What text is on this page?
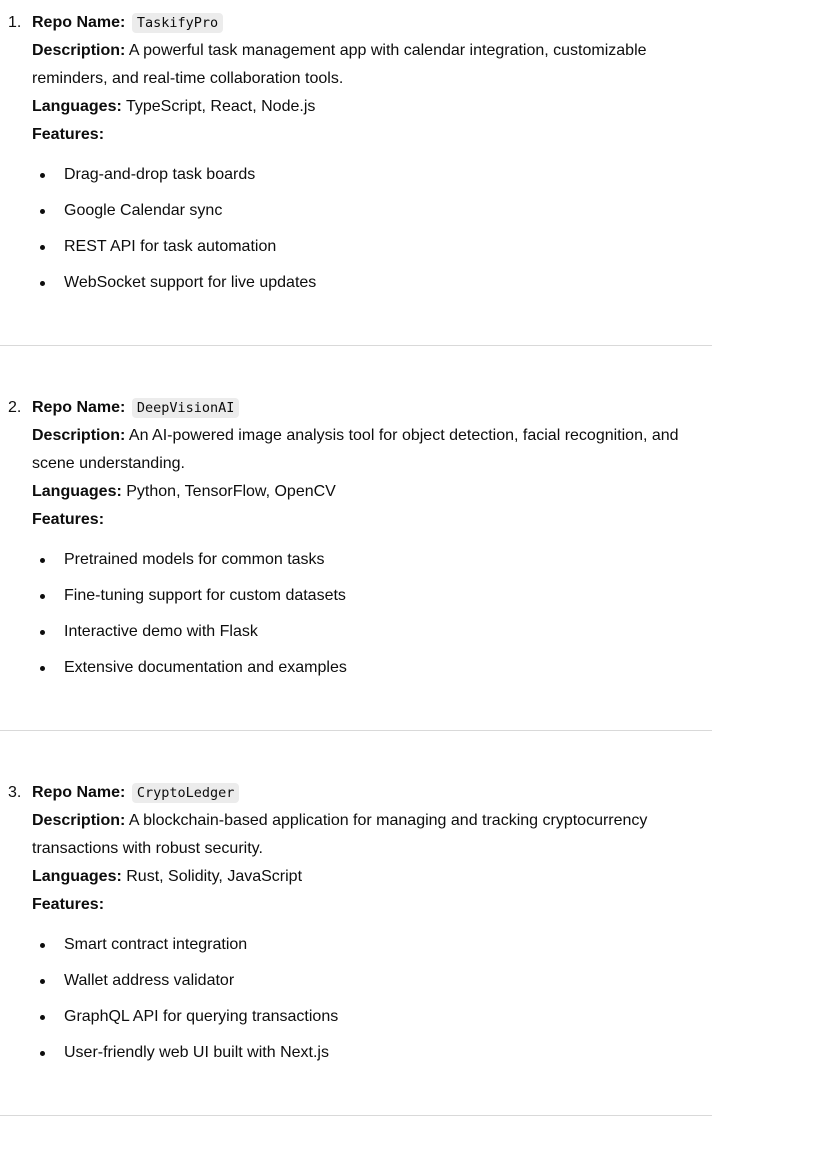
1. Repo Name: TaskifyPro
Description: A powerful task management app with calendar integration, customizable
reminders, and real-time collaboration tools.
Languages: TypeScript, React, Node.js
Features:
Drag-and-drop task boards
Google Calendar sync
REST API for task automation
WebSocket support for live updates
2. Repo Name: DeepVisionAI
Description: An AI-powered image analysis tool for object detection, facial recognition, and
scene understanding.
Languages: Python, TensorFlow, OpenCV
Features:
Pretrained models for common tasks
Fine-tuning support for custom datasets
Interactive demo with Flask
Extensive documentation and examples
3. Repo Name: CryptoLedger
Description: A blockchain-based application for managing and tracking cryptocurrency
transactions with robust security.
Languages: Rust, Solidity, JavaScript
Features:
Smart contract integration
Wallet address validator
GraphQL API for querying transactions
User-friendly web UI built with Next.js
